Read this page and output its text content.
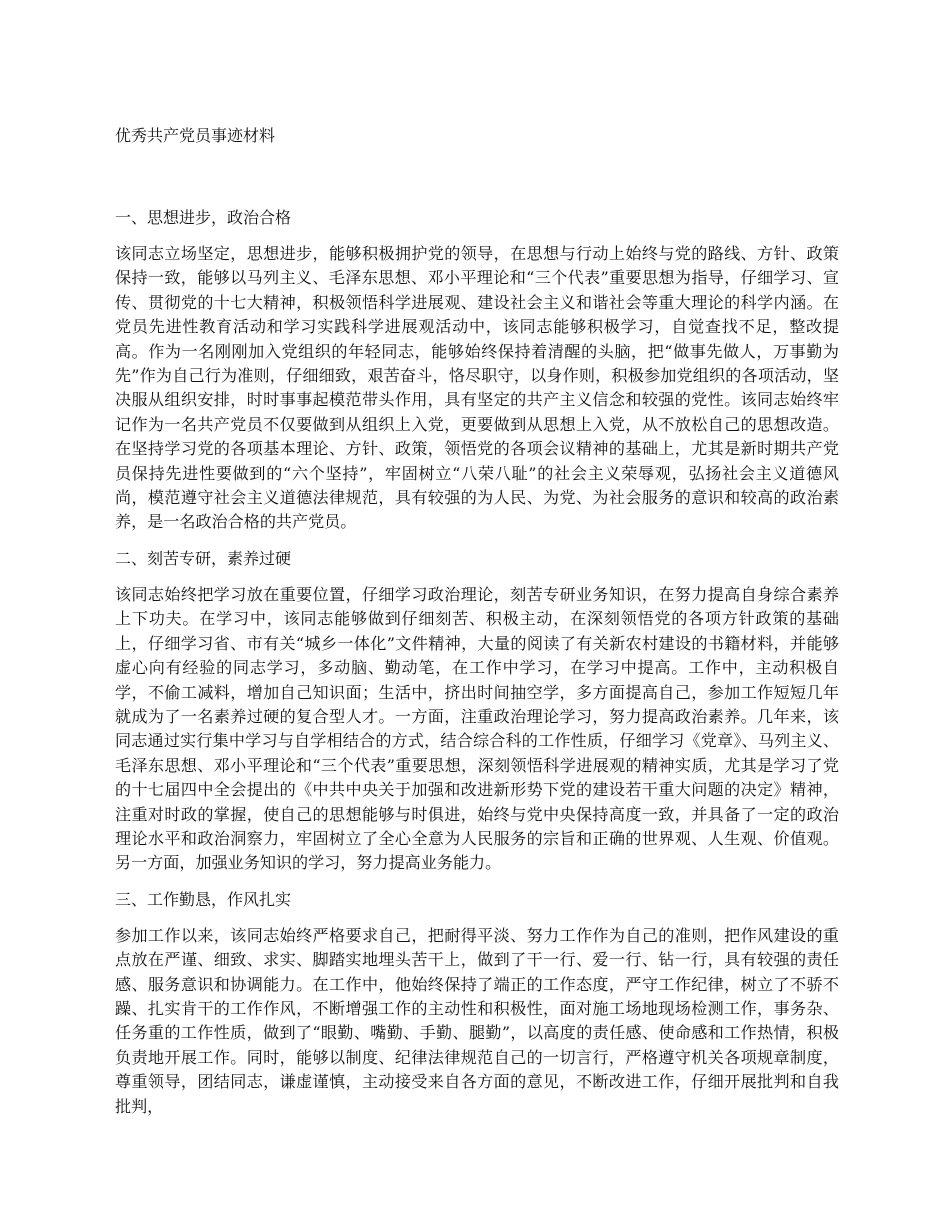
优秀共产党员事迹材料
一、思想进步，政治合格
该同志立场坚定，思想进步，能够积极拥护党的领导，在思想与行动上始终与党的路线、方针、政策保持一致，能够以马列主义、毛泽东思想、邓小平理论和“三个代表”重要思想为指导，仔细学习、宣传、贯彻党的十七大精神，积极领悟科学进展观、建设社会主义和谐社会等重大理论的科学内涵。在党员先进性教育活动和学习实践科学进展观活动中，该同志能够积极学习，自觉查找不足，整改提高。作为一名刚刚加入党组织的年轻同志，能够始终保持着清醒的头脑，把“做事先做人，万事勤为先”作为自己行为准则，仔细细致，艰苦奋斗，恪尽职守，以身作则，积极参加党组织的各项活动，坚决服从组织安排，时时事事起模范带头作用，具有坚定的共产主义信念和较强的党性。该同志始终牢记作为一名共产党员不仅要做到从组织上入党，更要做到从思想上入党，从不放松自己的思想改造。在坚持学习党的各项基本理论、方针、政策，领悟党的各项会议精神的基础上，尤其是新时期共产党员保持先进性要做到的“六个坚持”，牢固树立“八荣八耻”的社会主义荣辱观，弘扬社会主义道德风尚，模范遵守社会主义道德法律规范，具有较强的为人民、为党、为社会服务的意识和较高的政治素养，是一名政治合格的共产党员。
二、刻苦专研，素养过硬
该同志始终把学习放在重要位置，仔细学习政治理论，刻苦专研业务知识，在努力提高自身综合素养上下功夫。在学习中，该同志能够做到仔细刻苦、积极主动，在深刻领悟党的各项方针政策的基础上，仔细学习省、市有关“城乡一体化”文件精神，大量的阅读了有关新农村建设的书籍材料，并能够虚心向有经验的同志学习，多动脑、勤动笔，在工作中学习，在学习中提高。工作中，主动积极自学，不偷工减料，增加自己知识面；生活中，挤出时间抽空学，多方面提高自己，参加工作短短几年就成为了一名素养过硬的复合型人才。一方面，注重政治理论学习，努力提高政治素养。几年来，该同志通过实行集中学习与自学相结合的方式，结合综合科的工作性质，仔细学习《党章》、马列主义、毛泽东思想、邓小平理论和“三个代表”重要思想，深刻领悟科学进展观的精神实质，尤其是学习了党的十七届四中全会提出的《中共中央关于加强和改进新形势下党的建设若干重大问题的决定》精神，注重对时政的掌握，使自己的思想能够与时俱进，始终与党中央保持高度一致，并具备了一定的政治理论水平和政治洞察力，牢固树立了全心全意为人民服务的宗旨和正确的世界观、人生观、价值观。另一方面，加强业务知识的学习，努力提高业务能力。
三、工作勤恳，作风扎实
参加工作以来，该同志始终严格要求自己，把耐得平淡、努力工作作为自己的准则，把作风建设的重点放在严谨、细致、求实、脚踏实地埋头苦干上，做到了干一行、爱一行、钻一行，具有较强的责任感、服务意识和协调能力。在工作中，他始终保持了端正的工作态度，严守工作纪律，树立了不骄不躁、扎实肯干的工作作风，不断增强工作的主动性和积极性，面对施工场地现场检测工作，事务杂、任务重的工作性质，做到了“眼勤、嘴勤、手勤、腿勤”，以高度的责任感、使命感和工作热情，积极负责地开展工作。同时，能够以制度、纪律法律规范自己的一切言行，严格遵守机关各项规章制度，尊重领导，团结同志，谦虚谨慎，主动接受来自各方面的意见，不断改进工作，仔细开展批判和自我批判，
